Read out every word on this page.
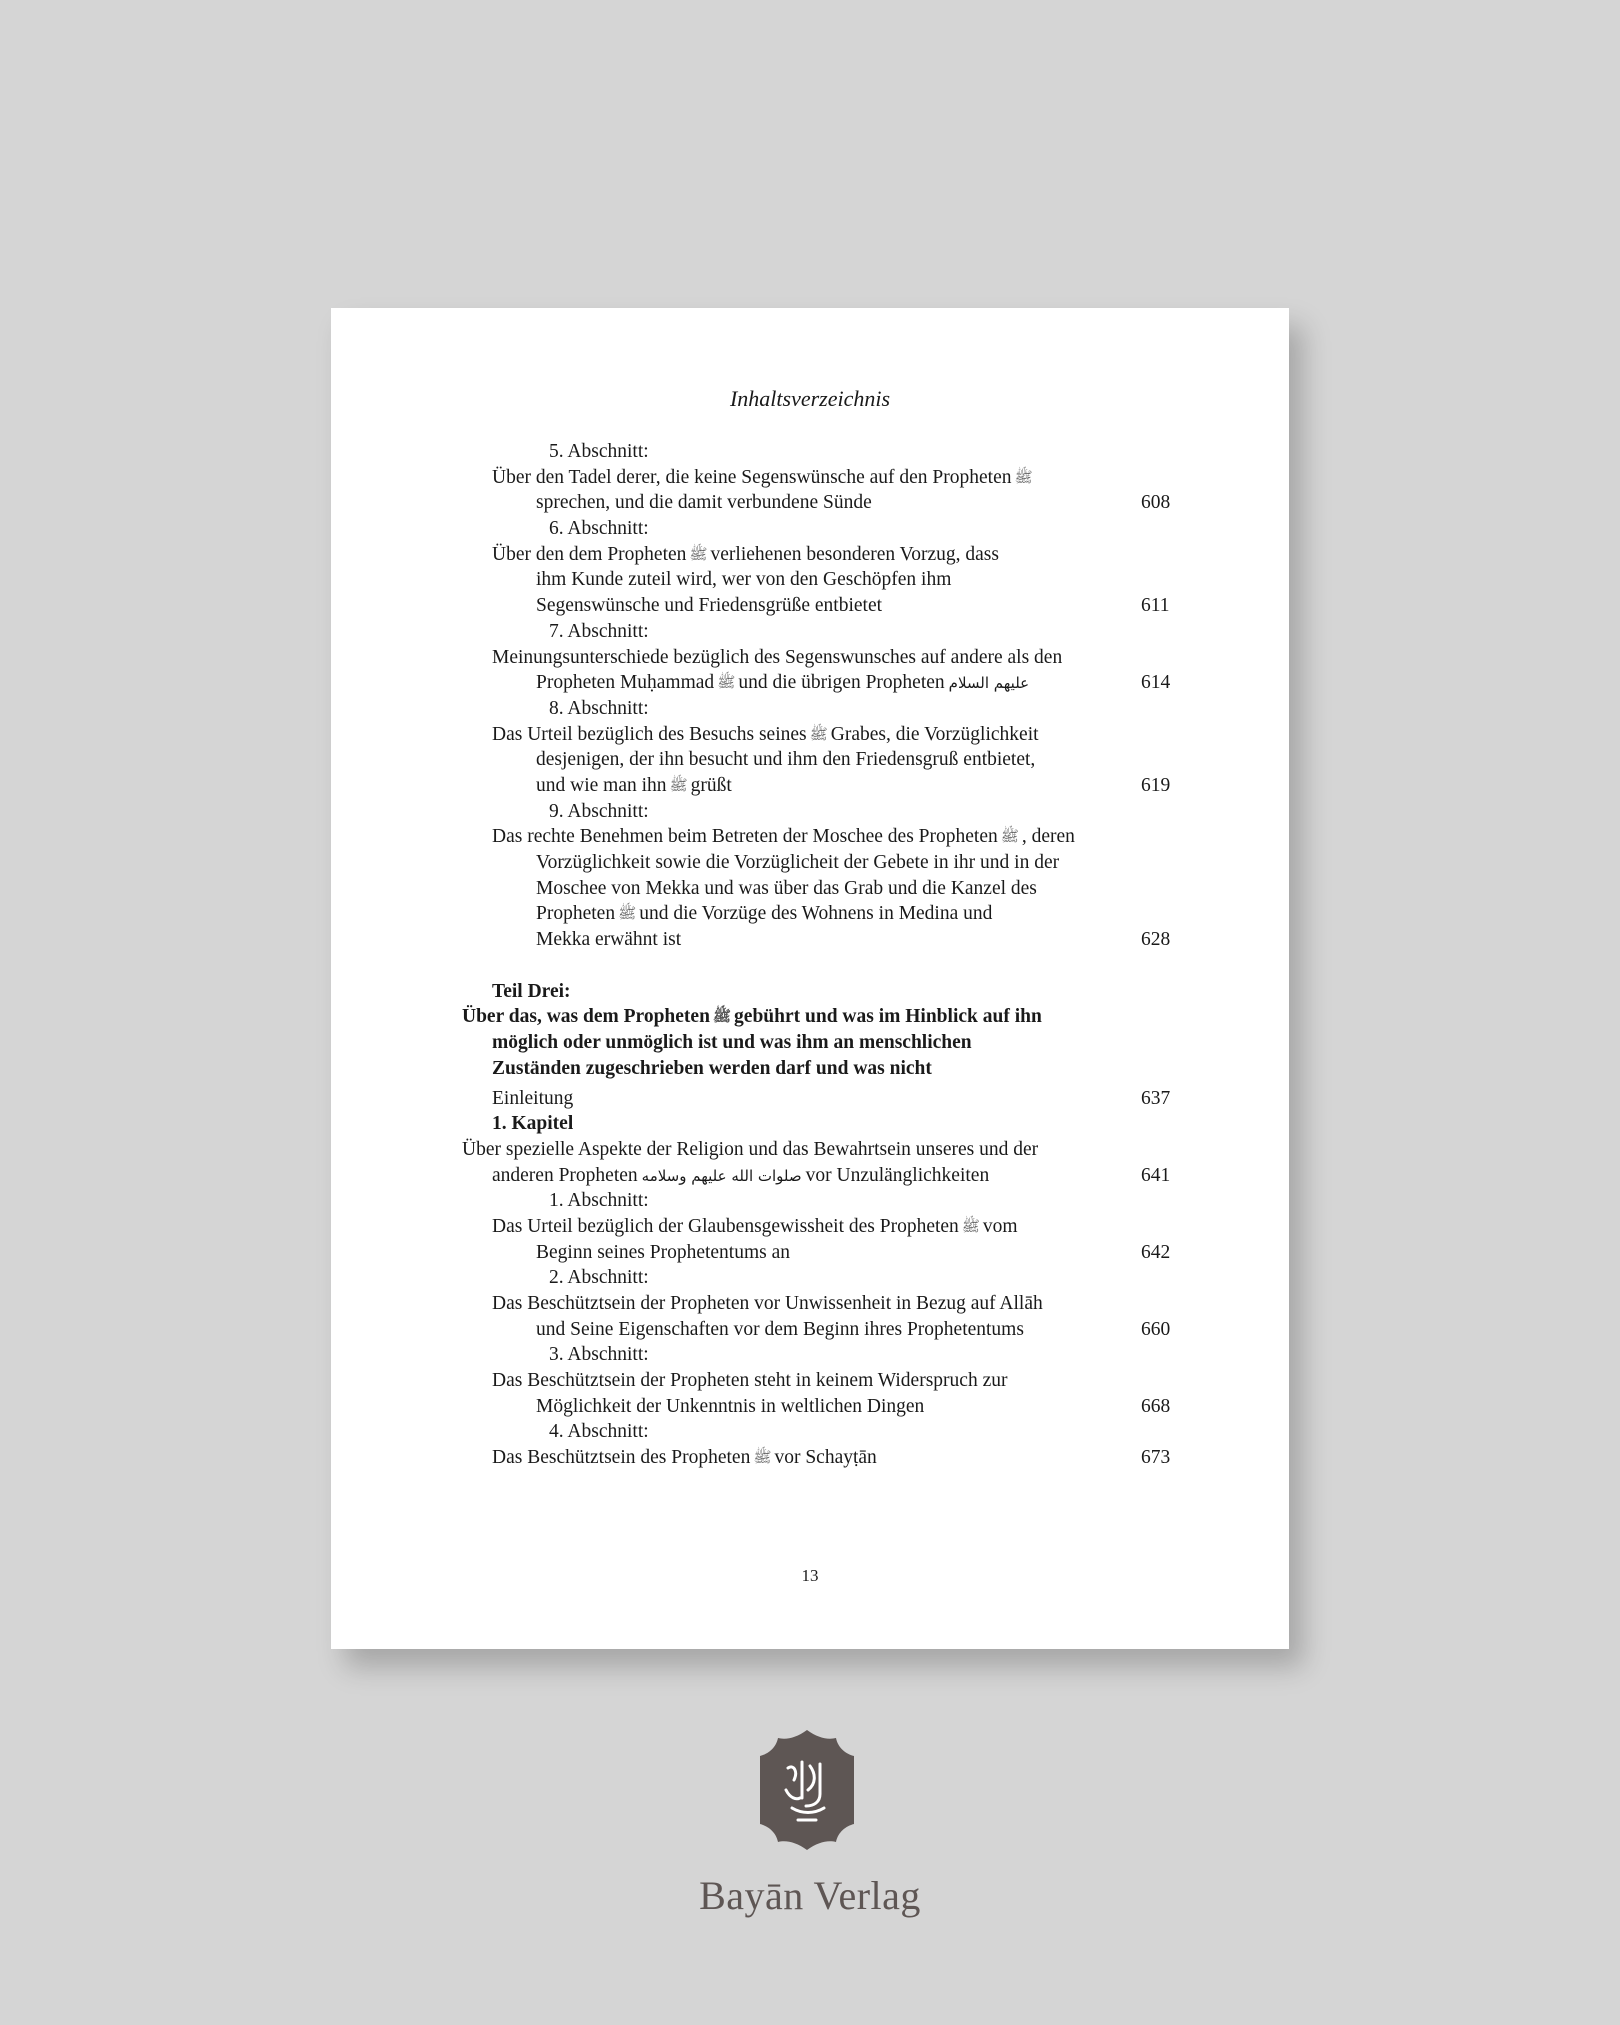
Inhaltsverzeichnis
5. Abschnitt:
Über den Tadel derer, die keine Segenswünsche auf den Propheten ﷺ
sprechen, und die damit verbundene Sünde	608
6. Abschnitt:
Über den dem Propheten ﷺ verliehenen besonderen Vorzug, dass
ihm Kunde zuteil wird, wer von den Geschöpfen ihm
Segenswünsche und Friedensgrüße entbietet	611
7. Abschnitt:
Meinungsunterschiede bezüglich des Segenswunsches auf andere als den
Propheten Muḥammad ﷺ und die übrigen Propheten عليهم السلام	614
8. Abschnitt:
Das Urteil bezüglich des Besuchs seines ﷺ Grabes, die Vorzüglichkeit
desjenigen, der ihn besucht und ihm den Friedensgruß entbietet,
und wie man ihn ﷺ grüßt	619
9. Abschnitt:
Das rechte Benehmen beim Betreten der Moschee des Propheten ﷺ , deren
Vorzüglichkeit sowie die Vorzüglicheit der Gebete in ihr und in der
Moschee von Mekka und was über das Grab und die Kanzel des
Propheten ﷺ und die Vorzüge des Wohnens in Medina und
Mekka erwähnt ist	628
Teil Drei:
Über das, was dem Propheten ﷺ gebührt und was im Hinblick auf ihn
möglich oder unmöglich ist und was ihm an menschlichen
Zuständen zugeschrieben werden darf und was nicht
Einleitung	637
1. Kapitel
Über spezielle Aspekte der Religion und das Bewahrtsein unseres und der
anderen Propheten صلوات الله عليهم وسلامه vor Unzulänglichkeiten	641
1. Abschnitt:
Das Urteil bezüglich der Glaubensgewissheit des Propheten ﷺ vom
Beginn seines Prophetentums an	642
2. Abschnitt:
Das Beschütztsein der Propheten vor Unwissenheit in Bezug auf Allāh
und Seine Eigenschaften vor dem Beginn ihres Prophetentums	660
3. Abschnitt:
Das Beschütztsein der Propheten steht in keinem Widerspruch zur
Möglichkeit der Unkenntnis in weltlichen Dingen	668
4. Abschnitt:
Das Beschütztsein des Propheten ﷺ vor Schayṭān	673
13
Bayān Verlag
